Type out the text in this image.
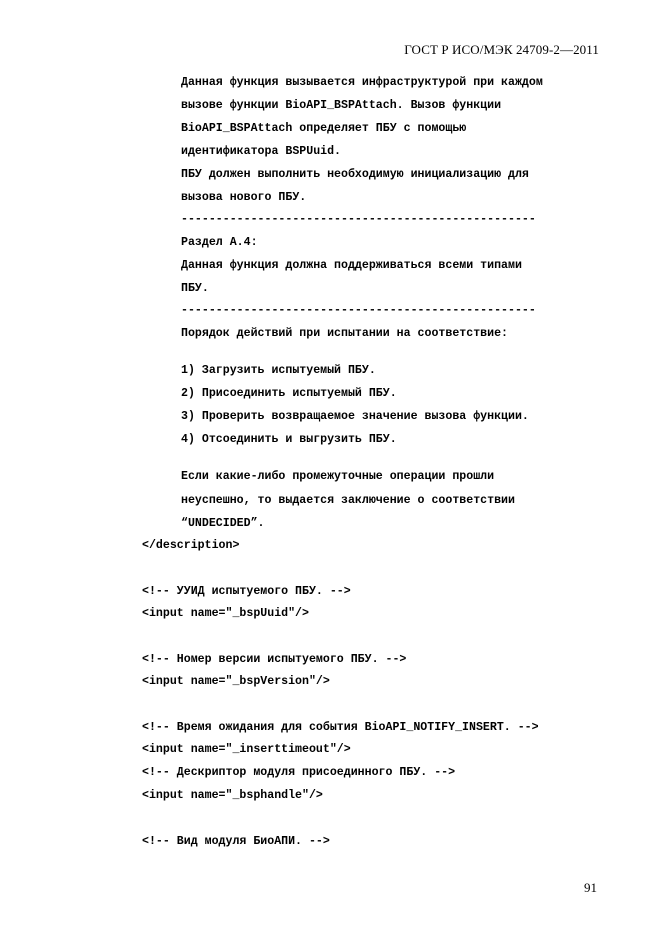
ГОСТ Р ИСО/МЭК 24709-2—2011

Данная функция вызывается инфраструктурой при каждом

вызове функции BioAPI_BSPAttach. Вызов функции

BioAPI_BSPAttach определяет ПБУ с помощью

идентификатора BSPUuid.

ПБУ должен выполнить необходимую инициализацию для

вызова нового ПБУ.

---------------------------------------------------

Раздел А.4:

Данная функция должна поддерживаться всеми типами

ПБУ.

---------------------------------------------------

Порядок действий при испытании на соответствие:

1) Загрузить испытуемый ПБУ.

2) Присоединить испытуемый ПБУ.

3) Проверить возвращаемое значение вызова функции.

4) Отсоединить и выгрузить ПБУ.

Если какие-либо промежуточные операции прошли

неуспешно, то выдается заключение о соответствии

“UNDECIDED”.

</description>

<!-- УУИД испытуемого ПБУ. -->

<input name="_bspUuid"/>

<!-- Номер версии испытуемого ПБУ. -->

<input name="_bspVersion"/>

<!-- Время ожидания для события BioAPI_NOTIFY_INSERT. -->

<input name="_inserttimeout"/>

<!-- Дескриптор модуля присоединного ПБУ. -->

<input name="_bsphandle"/>

<!-- Вид модуля БиоАПИ. -->

91
